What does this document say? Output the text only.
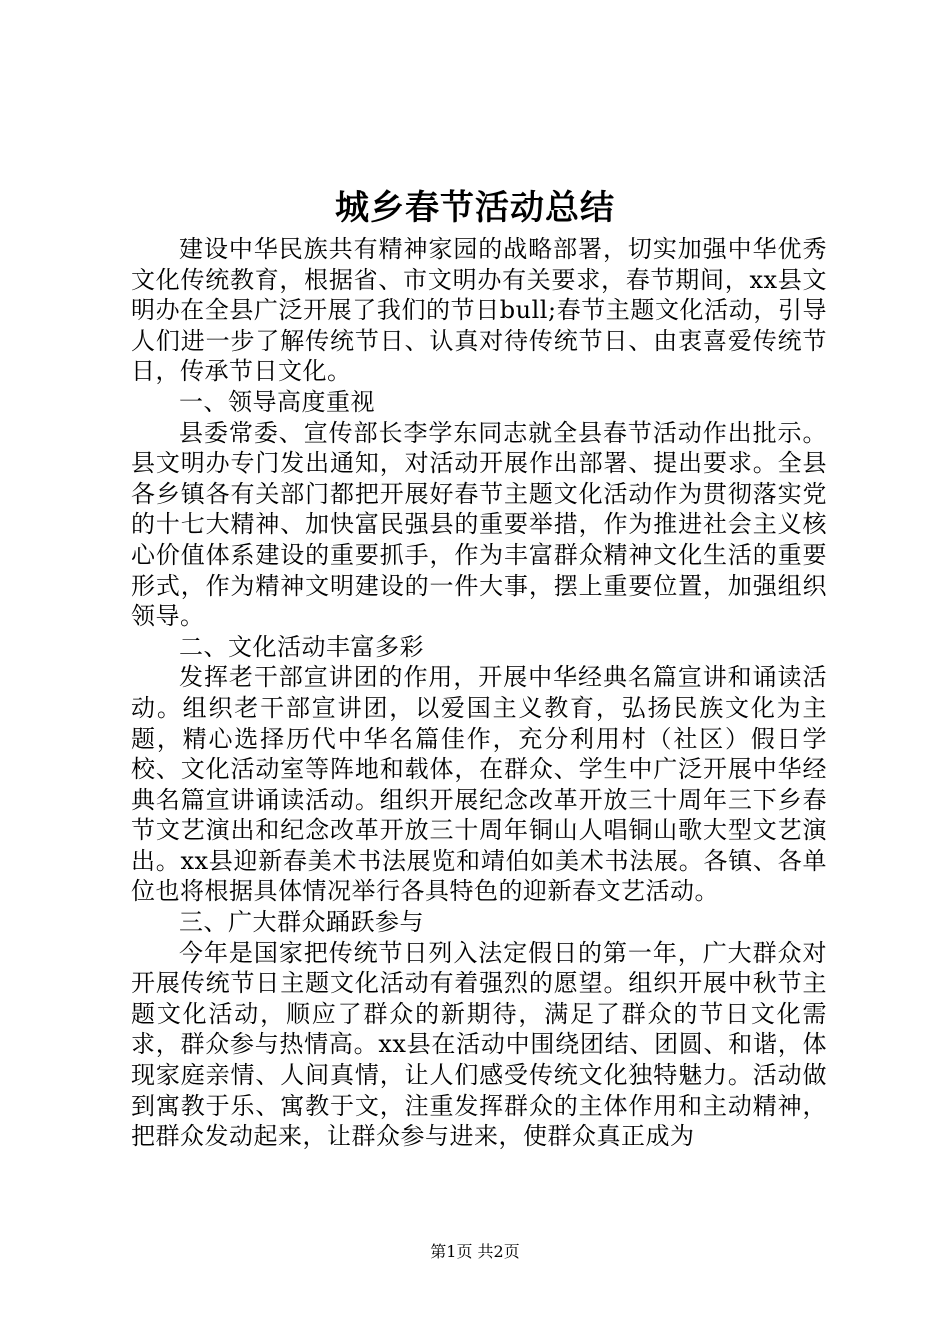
城乡春节活动总结

建设中华民族共有精神家园的战略部署，切实加强中华优秀文化传统教育，根据省、市文明办有关要求，春节期间，xx县文明办在全县广泛开展了我们的节日bull;春节主题文化活动，引导人们进一步了解传统节日、认真对待传统节日、由衷喜爱传统节日，传承节日文化。

一、领导高度重视

县委常委、宣传部长李学东同志就全县春节活动作出批示。县文明办专门发出通知，对活动开展作出部署、提出要求。全县各乡镇各有关部门都把开展好春节主题文化活动作为贯彻落实党的十七大精神、加快富民强县的重要举措，作为推进社会主义核心价值体系建设的重要抓手，作为丰富群众精神文化生活的重要形式，作为精神文明建设的一件大事，摆上重要位置，加强组织领导。

二、文化活动丰富多彩

发挥老干部宣讲团的作用，开展中华经典名篇宣讲和诵读活动。组织老干部宣讲团，以爱国主义教育，弘扬民族文化为主题，精心选择历代中华名篇佳作，充分利用村（社区）假日学校、文化活动室等阵地和载体，在群众、学生中广泛开展中华经典名篇宣讲诵读活动。组织开展纪念改革开放三十周年三下乡春节文艺演出和纪念改革开放三十周年铜山人唱铜山歌大型文艺演出。xx县迎新春美术书法展览和靖伯如美术书法展。各镇、各单位也将根据具体情况举行各具特色的迎新春文艺活动。

三、广大群众踊跃参与

今年是国家把传统节日列入法定假日的第一年，广大群众对开展传统节日主题文化活动有着强烈的愿望。组织开展中秋节主题文化活动，顺应了群众的新期待，满足了群众的节日文化需求，群众参与热情高。xx县在活动中围绕团结、团圆、和谐，体现家庭亲情、人间真情，让人们感受传统文化独特魅力。活动做到寓教于乐、寓教于文，注重发挥群众的主体作用和主动精神，把群众发动起来，让群众参与进来，使群众真正成为

第1页 共2页
